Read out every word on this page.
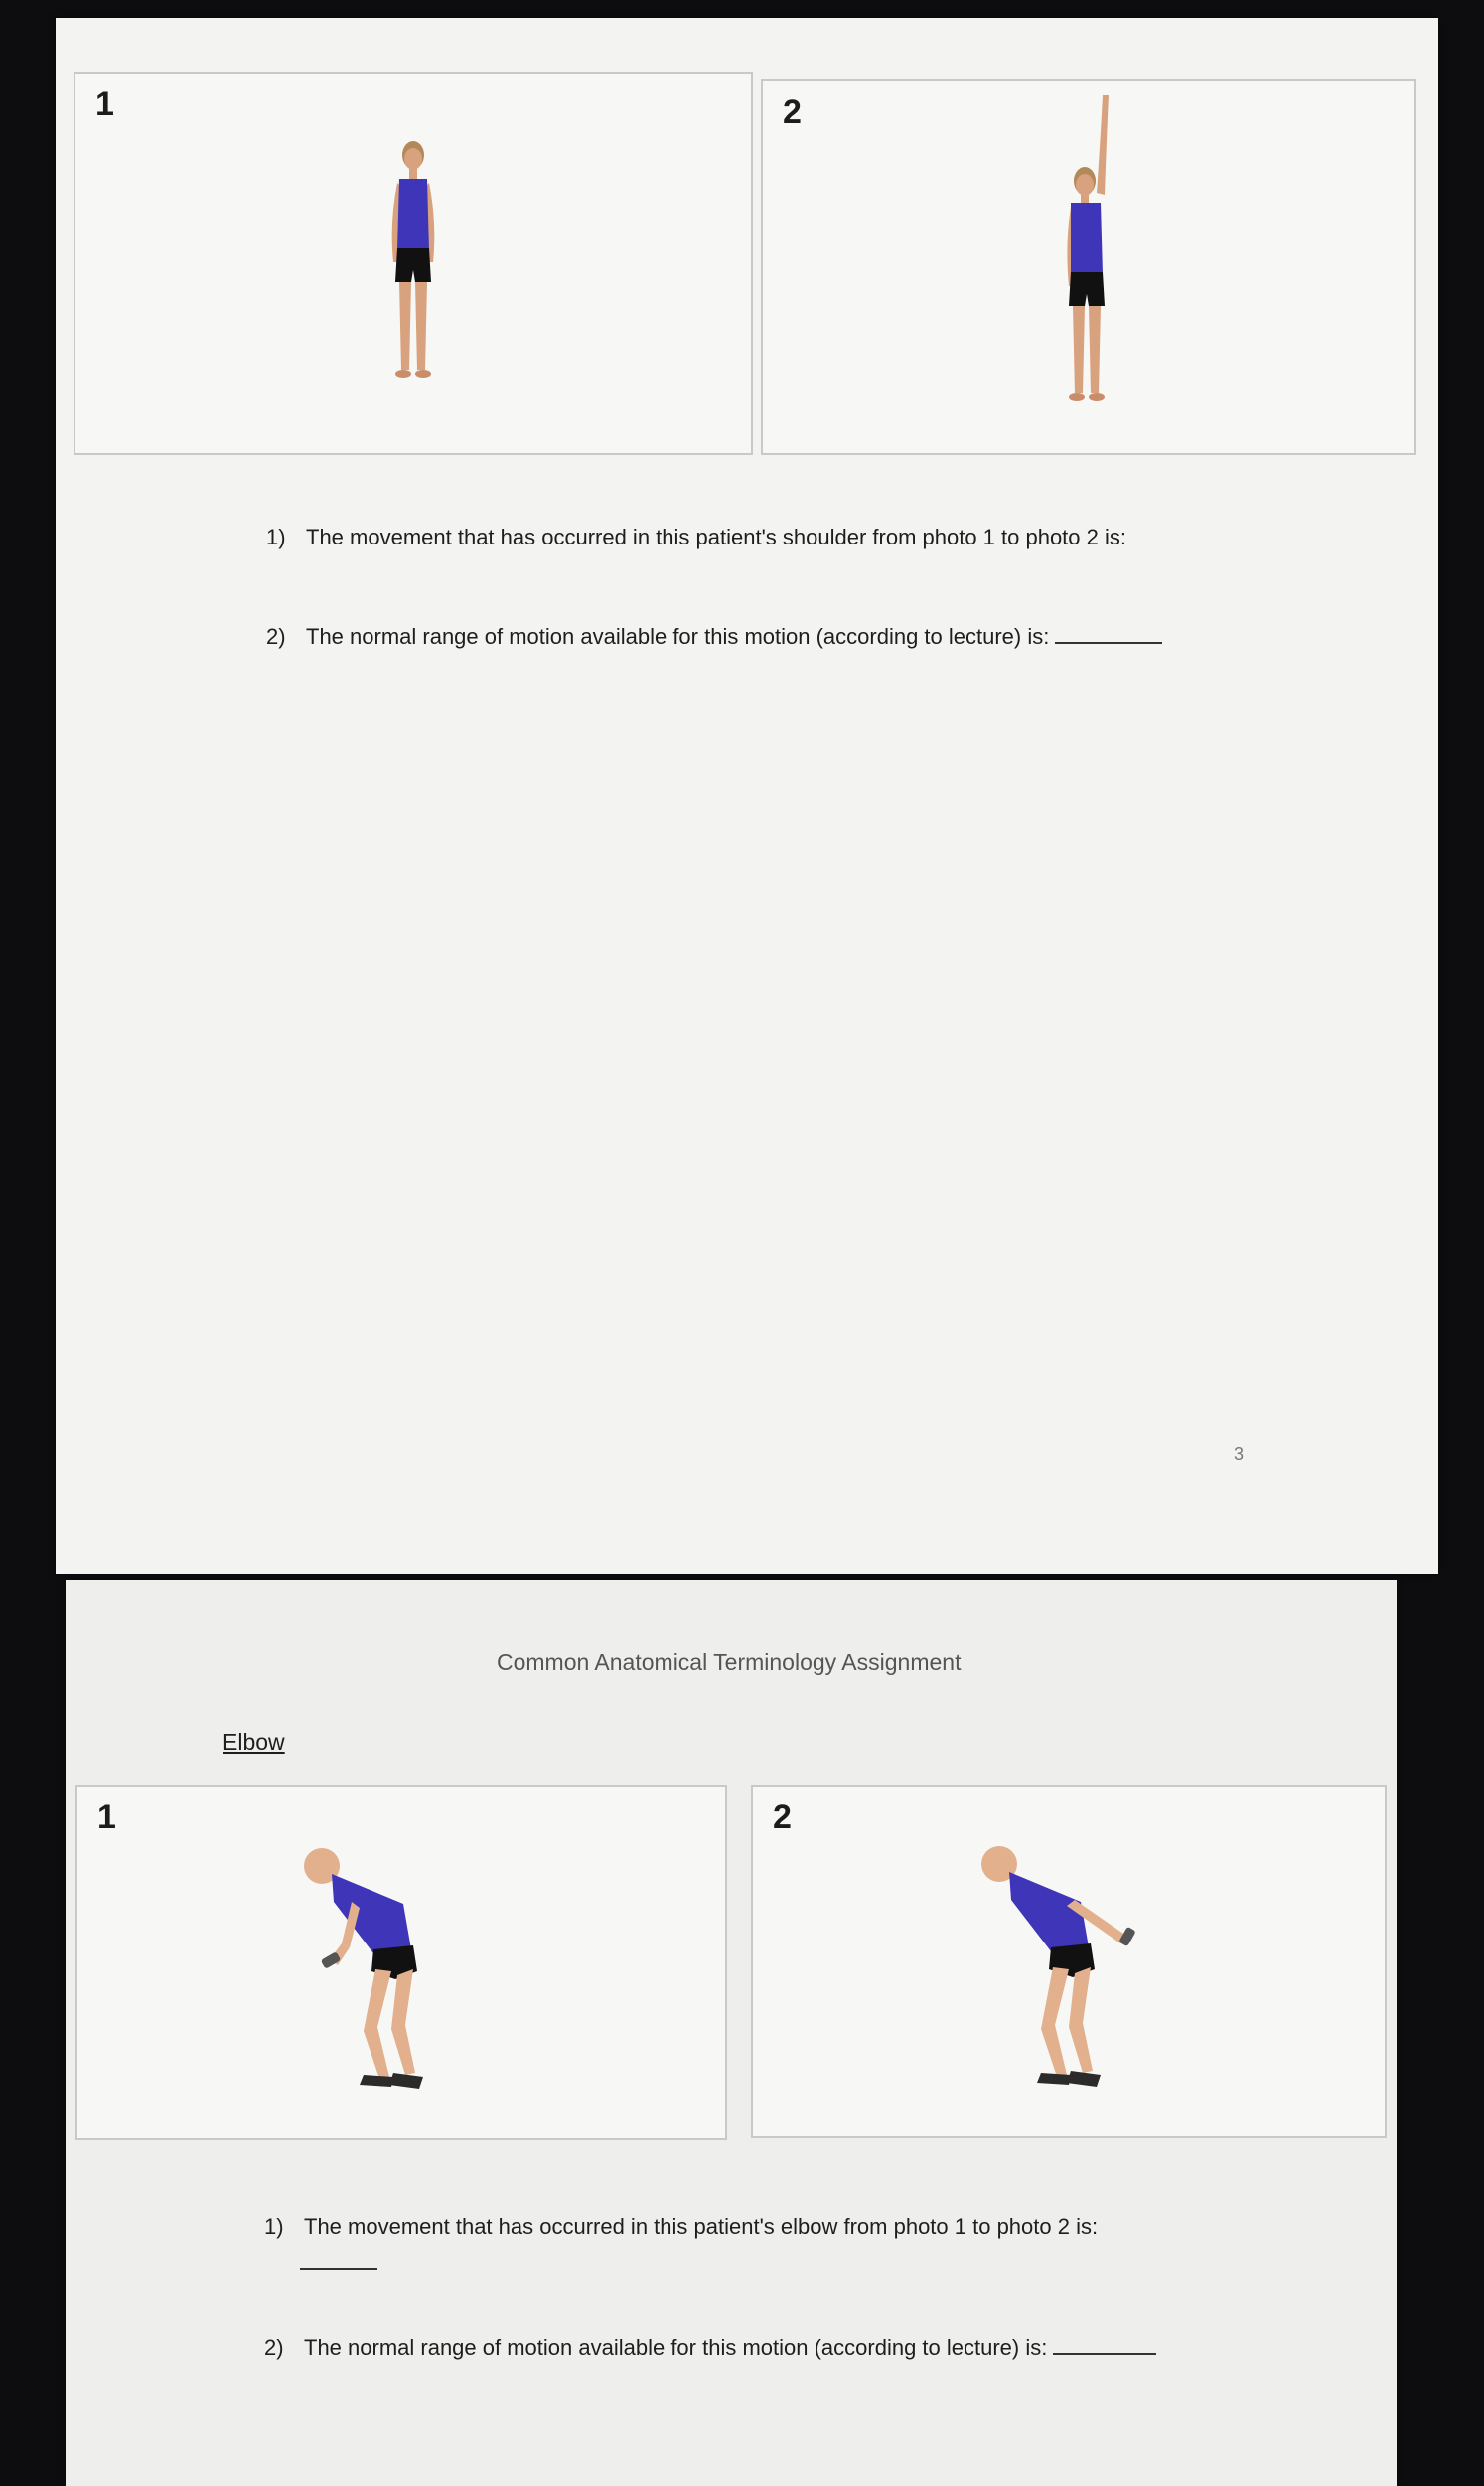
1	2
1) The movement that has occurred in this patient's shoulder from photo 1 to photo 2 is:
2) The normal range of motion available for this motion (according to lecture) is:
3
Common Anatomical Terminology Assignment
Elbow
1	2
1) The movement that has occurred in this patient's elbow from photo 1 to photo 2 is:
2) The normal range of motion available for this motion (according to lecture) is:
